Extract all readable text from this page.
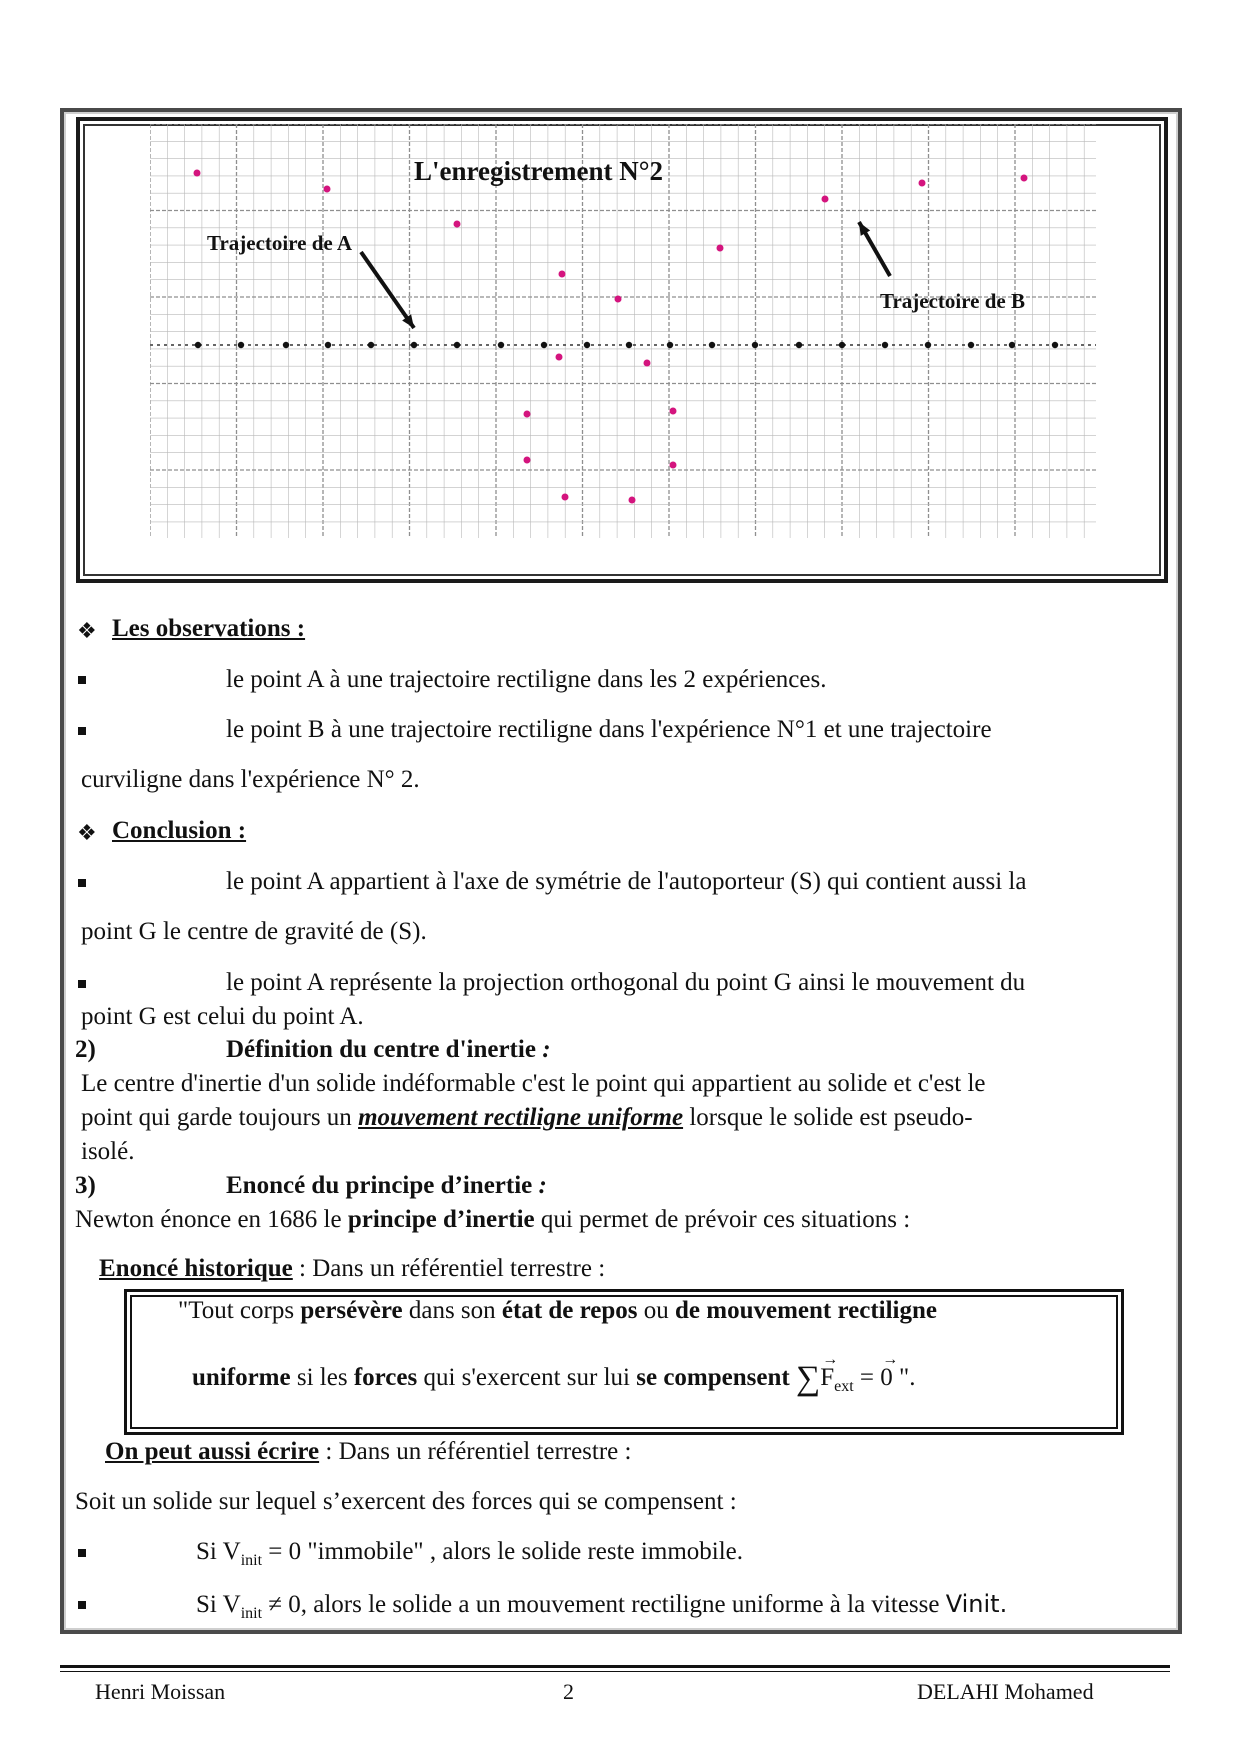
L'enregistrement N°2
Trajectoire de A
Trajectoire de B
❖ Les observations :
le point A à une trajectoire rectiligne dans les 2 expériences.
le point B à une trajectoire rectiligne dans l'expérience N°1 et une trajectoire
curviligne dans l'expérience N° 2.
❖ Conclusion :
le point A appartient à l'axe de symétrie de l'autoporteur (S) qui contient aussi la
point G le centre de gravité de (S).
le point A représente la projection orthogonal du point G ainsi le mouvement du
point G est celui du point A.
2)	Définition du centre d'inertie :
Le centre d'inertie d'un solide indéformable c'est le point qui appartient au solide et c'est le
point qui garde toujours un mouvement rectiligne uniforme lorsque le solide est pseudo-
isolé.
3)	Enoncé du principe d’inertie :
Newton énonce en 1686 le principe d’inertie qui permet de prévoir ces situations :
Enoncé historique : Dans un référentiel terrestre :
"Tout corps persévère dans son état de repos ou de mouvement rectiligne
uniforme si les forces qui s'exercent sur lui se compensent ∑→ $F_{ext}$ = → 0 ".
On peut aussi écrire : Dans un référentiel terrestre :
Soit un solide sur lequel s’exercent des forces qui se compensent :
Si $V_{init} = 0$ "immobile" , alors le solide reste immobile.
Si $V_{init} \ne 0$, alors le solide a un mouvement rectiligne uniforme à la vitesse Vinit.
Henri Moissan	2	DELAHI Mohamed
